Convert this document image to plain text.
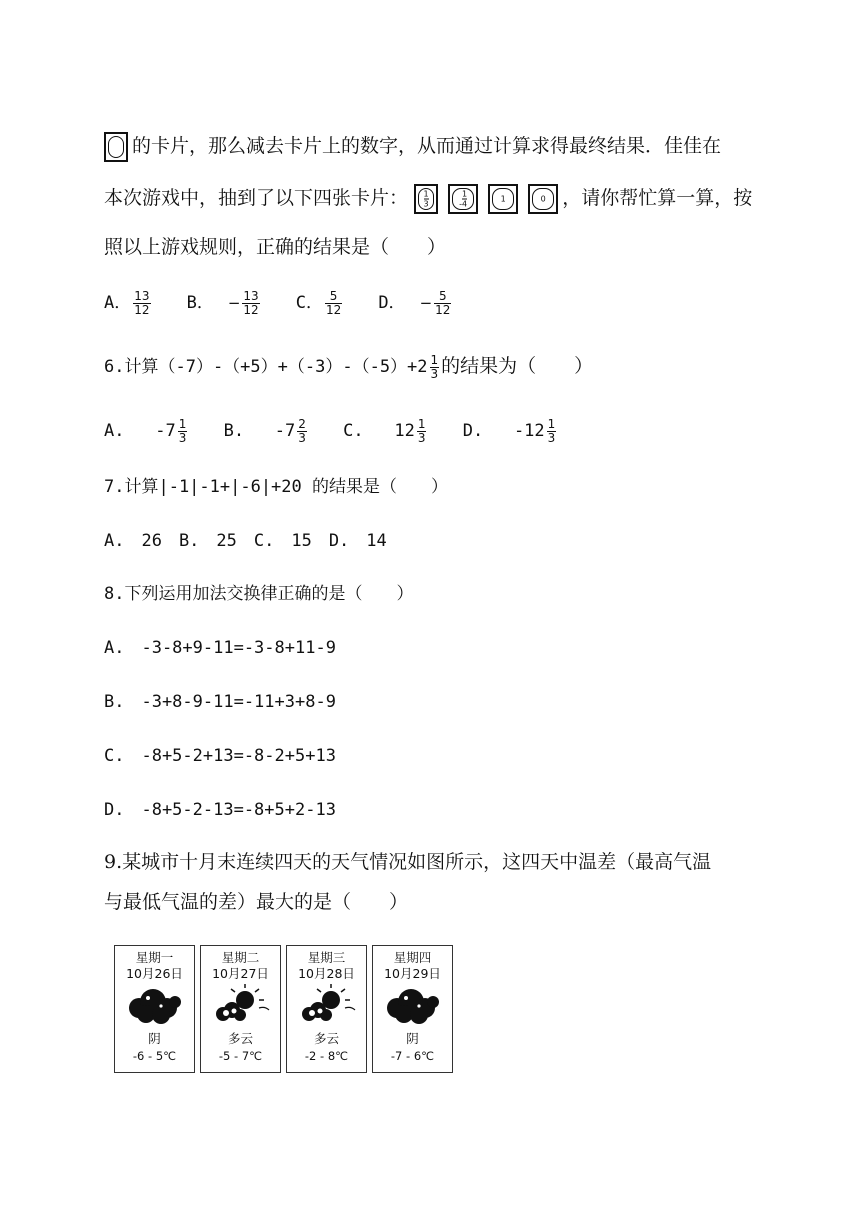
的卡片，那么减去卡片上的数字，从而通过计算求得最终结果．佳佳在
本次游戏中，抽到了以下四张卡片： $\frac{1}{3}$
	- $\frac{1}{4}$
	1
	0 ，请你帮忙算一算，按
照以上游戏规则，正确的结果是（　　）
A． $\frac{13}{12}$ B． − $\frac{13}{12}$ C． $\frac{5}{12}$ D． − $\frac{5}{12}$
6.计算$(-7)-(+5)+(-3)-(-5)+2 \frac{1}{3}$ 的结果为（　　）
A. $-7 \frac{1}{3} B$. $-7 \frac{2}{3} C$. $12 \frac{1}{3} D$. $-12 \frac{1}{3}$
7.计算|-1|-1+|-6|+20 的结果是（　　）
A.　26　B.　25　C.　15　D.　14
8.下列运用加法交换律正确的是（　　）
A.　-3-8+9-11=-3-8+11-9
B.　-3+8-9-11=-11+3+8-9
C.　-8+5-2+13=-8-2+5+13
D.　-8+5-2-13=-8+5+2-13
9.某城市十月末连续四天的天气情况如图所示，这四天中温差（最高气温
与最低气温的差）最大的是（　　）
星期一
10月26日
阴
-6 - 5℃
星期二
10月27日
多云
-5 - 7℃
星期三
10月28日
多云
-2 - 8℃
星期四
10月29日
阴
-7 - 6℃
